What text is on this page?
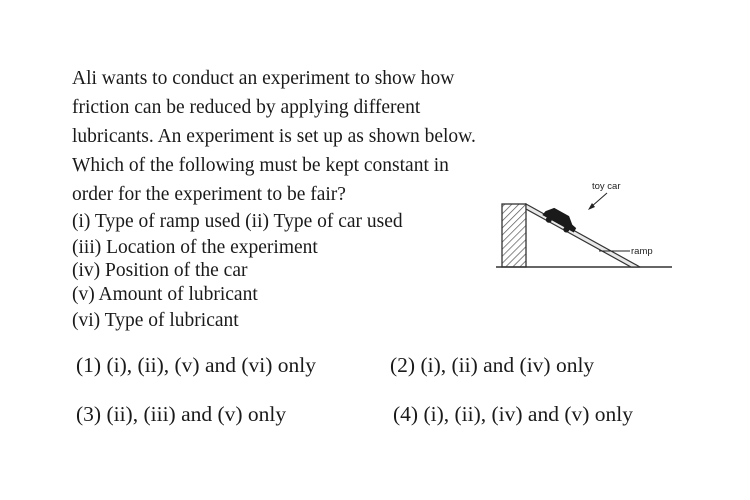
Ali wants to conduct an experiment to show how
friction can be reduced by applying different
lubricants. An experiment is set up as shown below.
Which of the following must be kept constant in
order for the experiment to be fair?
(i) Type of ramp used (ii) Type of car used
(iii) Location of the experiment
(iv) Position of the car
(v) Amount of lubricant
(vi) Type of lubricant
toy car
ramp
(1) (i), (ii), (v) and (vi) only	(2) (i), (ii) and (iv) only
(3) (ii), (iii) and (v) only	(4) (i), (ii), (iv) and (v) only
